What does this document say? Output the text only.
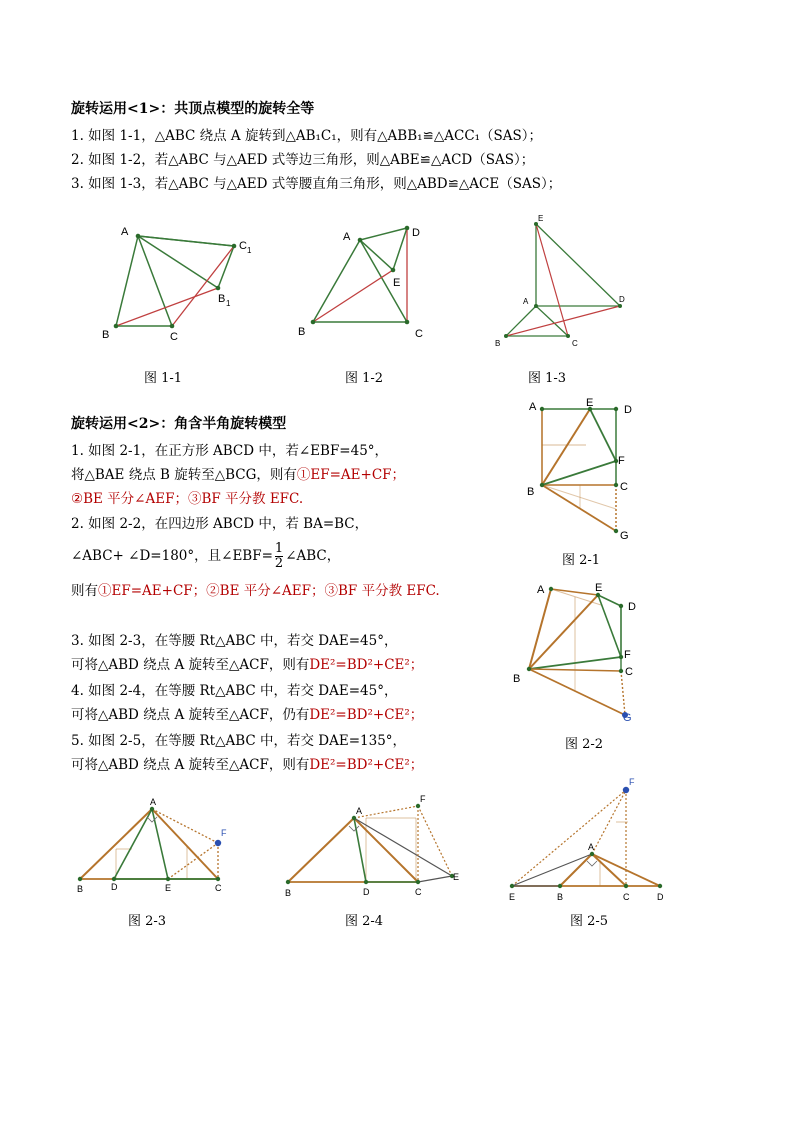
旋转运用<1>：共顶点模型的旋转全等
1. 如图 1-1，△ABC 绕点 A 旋转到△AB₁C₁，则有△ABB₁≌△ACC₁（SAS）；
2. 如图 1-2，若△ABC 与△AED 式等边三角形，则△ABE≌△ACD（SAS）；
3. 如图 1-3，若△ABC 与△AED 式等腰直角三角形，则△ABD≌△ACE（SAS）；
A
B	C
B 1
C 1
图 1-1
A
B	C
D
E
图 1-2
E
A	D
B	C
图 1-3
旋转运用<2>：角含半角旋转模型
1. 如图 2-1，在正方形 ABCD 中，若∠EBF=45°，
将△BAE 绕点 B 旋转至△BCG，则有①EF=AE+CF；
②BE 平分∠AEF；③BF 平分教 EFC.
2. 如图 2-2，在四边形 ABCD 中，若 BA=BC，
∠ABC+ ∠D=180°，且∠EBF= $\frac{1}{2}$ ∠ABC，
则有①EF=AE+CF；②BE 平分∠AEF；③BF 平分教 EFC.
3. 如图 2-3，在等腰 Rt△ABC 中，若交 DAE=45°，
可将△ABD 绕点 A 旋转至△ACF，则有DE²=BD²+CE²；
4. 如图 2-4，在等腰 Rt△ABC 中，若交 DAE=45°，
可将△ABD 绕点 A 旋转至△ACF，仍有DE²=BD²+CE²；
5. 如图 2-5，在等腰 Rt△ABC 中，若交 DAE=135°，
可将△ABD 绕点 A 旋转至△ACF，则有DE²=BD²+CE²；
A	E
D
F
C
B
G
图 2-1
A	E
D
F
C
B
G
图 2-2
A
B	D	E	C
F
图 2-3
A
B	D	C
E
F
图 2-4
A
E	B	C	D
F
图 2-5
